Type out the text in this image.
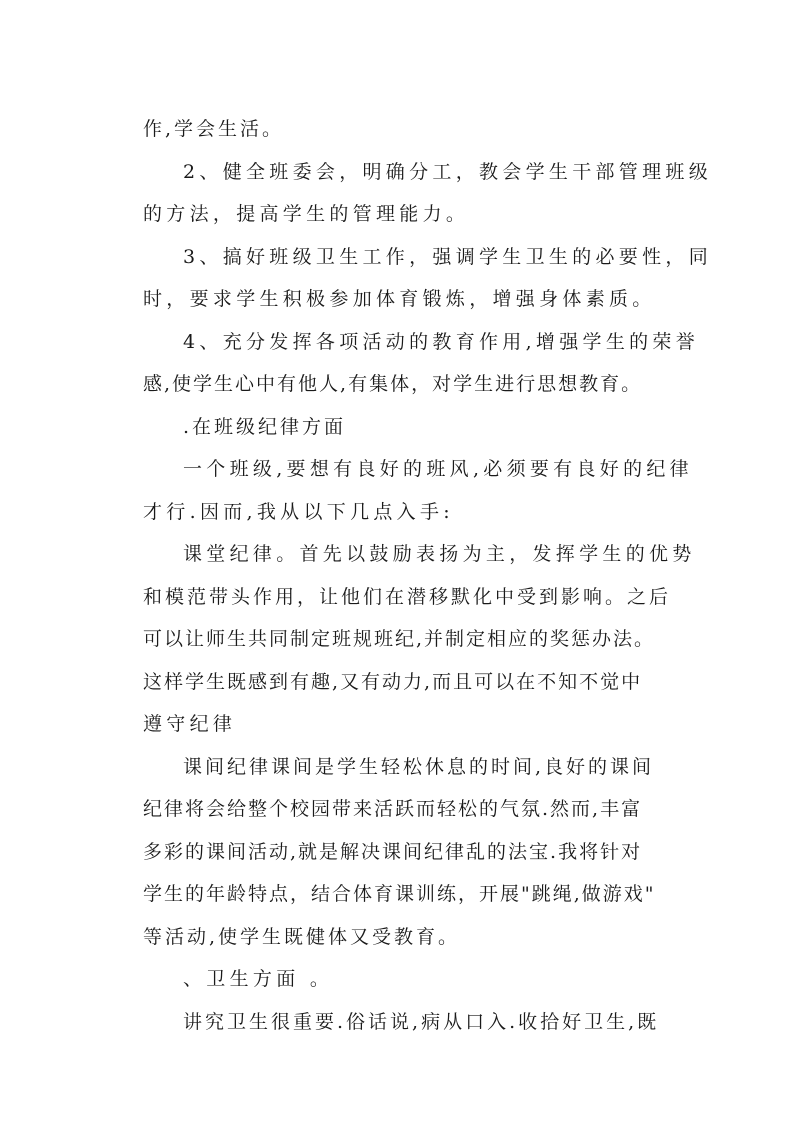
作,学会生活。
2、健全班委会，明确分工，教会学生干部管理班级
的方法，提高学生的管理能力。
3、搞好班级卫生工作，强调学生卫生的必要性，同
时，要求学生积极参加体育锻炼，增强身体素质。
4、充分发挥各项活动的教育作用,增强学生的荣誉
感,使学生心中有他人,有集体，对学生进行思想教育。
.在班级纪律方面
一个班级,要想有良好的班风,必须要有良好的纪律
才行.因而,我从以下几点入手:
课堂纪律。首先以鼓励表扬为主，发挥学生的优势
和模范带头作用，让他们在潜移默化中受到影响。之后
可以让师生共同制定班规班纪,并制定相应的奖惩办法。
这样学生既感到有趣,又有动力,而且可以在不知不觉中
遵守纪律
课间纪律课间是学生轻松休息的时间,良好的课间
纪律将会给整个校园带来活跃而轻松的气氛.然而,丰富
多彩的课间活动,就是解决课间纪律乱的法宝.我将针对
学生的年龄特点，结合体育课训练，开展"跳绳,做游戏"
等活动,使学生既健体又受教育。
、卫生方面 。
讲究卫生很重要.俗话说,病从口入.收拾好卫生,既
